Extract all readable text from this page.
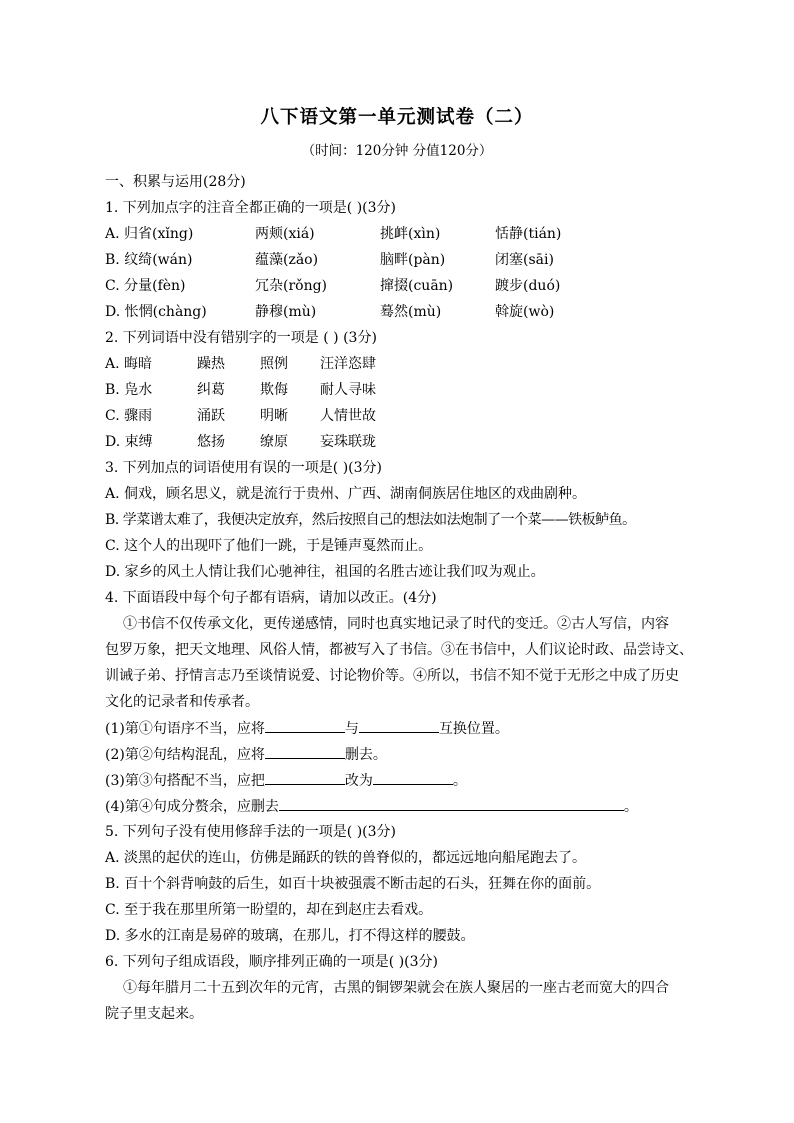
八下语文第一单元测试卷（二）
（时间：120分钟 分值120分）
一、积累与运用(28分)
1. 下列加点字的注音全都正确的一项是( )(3分)
A. 归省(xǐng)	两颊(xiá)	挑衅(xìn)	恬静(tián)
B. 纹绮(wán)	蕴藻(zǎo)	脑畔(pàn)	闭塞(sāi)
C. 分量(fèn)	冗杂(rǒng)	撺掇(cuān)	踱步(duó)
D. 怅惘(chàng)	静穆(mù)	蓦然(mù)	斡旋(wò)
2. 下列词语中没有错别字的一项是 ( ) (3分)
A. 晦暗	躁热	照例 汪洋恣肆
B. 凫水	纠葛	欺侮 耐人寻味
C. 骤雨	涌跃	明晰 人情世故
D. 束缚	悠扬	缭原 妄珠联珑
3. 下列加点的词语使用有误的一项是( )(3分)
A. 侗戏，顾名思义，就是流行于贵州、广西、湖南侗族居住地区的戏曲剧种。
B. 学菜谱太难了，我便决定放弃，然后按照自己的想法如法炮制了一个菜——铁板鲈鱼。
C. 这个人的出现吓了他们一跳，于是锤声戛然而止。
D. 家乡的风土人情让我们心驰神往，祖国的名胜古迹让我们叹为观止。
4. 下面语段中每个句子都有语病，请加以改正。(4分)
①书信不仅传承文化，更传递感情，同时也真实地记录了时代的变迁。②古人写信，内容
包罗万象，把天文地理、风俗人情，都被写入了书信。③在书信中，人们议论时政、品尝诗文、
训诫子弟、抒情言志乃至谈情说爱、讨论物价等。④所以，书信不知不觉于无形之中成了历史
文化的记录者和传承者。
(1)第①句语序不当，应将	与	互换位置。
(2)第②句结构混乱，应将	删去。
(3)第③句搭配不当，应把	改为	。
(4)第④句成分赘余，应删去	。
5. 下列句子没有使用修辞手法的一项是( )(3分)
A. 淡黑的起伏的连山，仿佛是踊跃的铁的兽脊似的，都远远地向船尾跑去了。
B. 百十个斜背响鼓的后生，如百十块被强震不断击起的石头，狂舞在你的面前。
C. 至于我在那里所第一盼望的，却在到赵庄去看戏。
D. 多水的江南是易碎的玻璃，在那儿，打不得这样的腰鼓。
6. 下列句子组成语段，顺序排列正确的一项是( )(3分)
①每年腊月二十五到次年的元宵，古黑的铜锣架就会在族人聚居的一座古老而宽大的四合
院子里支起来。
